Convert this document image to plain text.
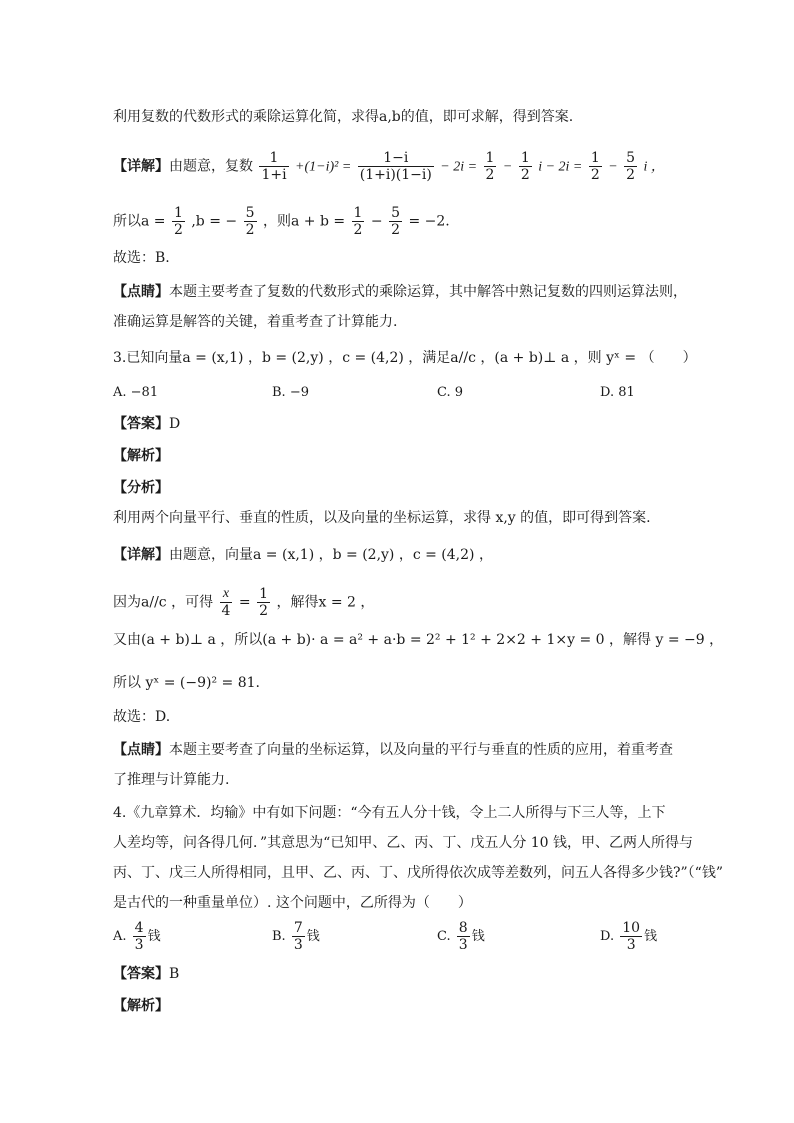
利用复数的代数形式的乘除运算化简，求得a,b的值，即可求解，得到答案.
【详解】由题意，复数 $\frac{1}{1+i} +(1-i)^2 = \frac{1-i}{(1+i)(1-i)} - 2i = \frac{1}{2} - \frac{1}{2}$ $i - 2i = \frac{1}{2} - \frac{5}{2}$ i ，
所以$a = \frac{1}{2} ,b$ = − $\frac{5}{2}$ ，则$a + b = \frac{1}{2} - \frac{5}{2} = -2$.
故选：B.
【点睛】本题主要考查了复数的代数形式的乘除运算，其中解答中熟记复数的四则运算法则，
准确运算是解答的关键，着重考查了计算能力.
3.已知向量a = (x,1) ，b = (2,y) ，c = (4,2) ，满足a//c ，(a + b)⊥ a ，则 yˣ = （　　）
A. −81	B. −9	C. 9	D. 81
【答案】D
【解析】
【分析】
利用两个向量平行、垂直的性质，以及向量的坐标运算，求得 x,y 的值，即可得到答案.
【详解】由题意，向量a = (x,1) ，b = (2,y) ，c = (4,2) ，
因为a//c ，可得 $\frac{x}{4} = \frac{1}{2}$ ，解得x = 2 ，
又由(a + b)⊥ a ，所以(a + b)· a = a² + a·b = 2² + 1² + 2×2 + 1×y = 0 ，解得 y = −9 ，
所以 yˣ = (−9)² = 81.
故选：D.
【点睛】本题主要考查了向量的坐标运算，以及向量的平行与垂直的性质的应用，着重考查
了推理与计算能力.
4.《九章算术．均输》中有如下问题：“今有五人分十钱，令上二人所得与下三人等，上下
人差均等，问各得几何．”其意思为“已知甲、乙、丙、丁、戊五人分 10 钱，甲、乙两人所得与
丙、丁、戊三人所得相同，且甲、乙、丙、丁、戊所得依次成等差数列，问五人各得多少钱?”（“钱”
是古代的一种重量单位）. 这个问题中，乙所得为（　　）
A. $\frac{4}{3}$ 钱	B. $\frac{7}{3}$ 钱	C. $\frac{8}{3}$ 钱	D. $\frac{10}{3}$ 钱
【答案】B
【解析】
